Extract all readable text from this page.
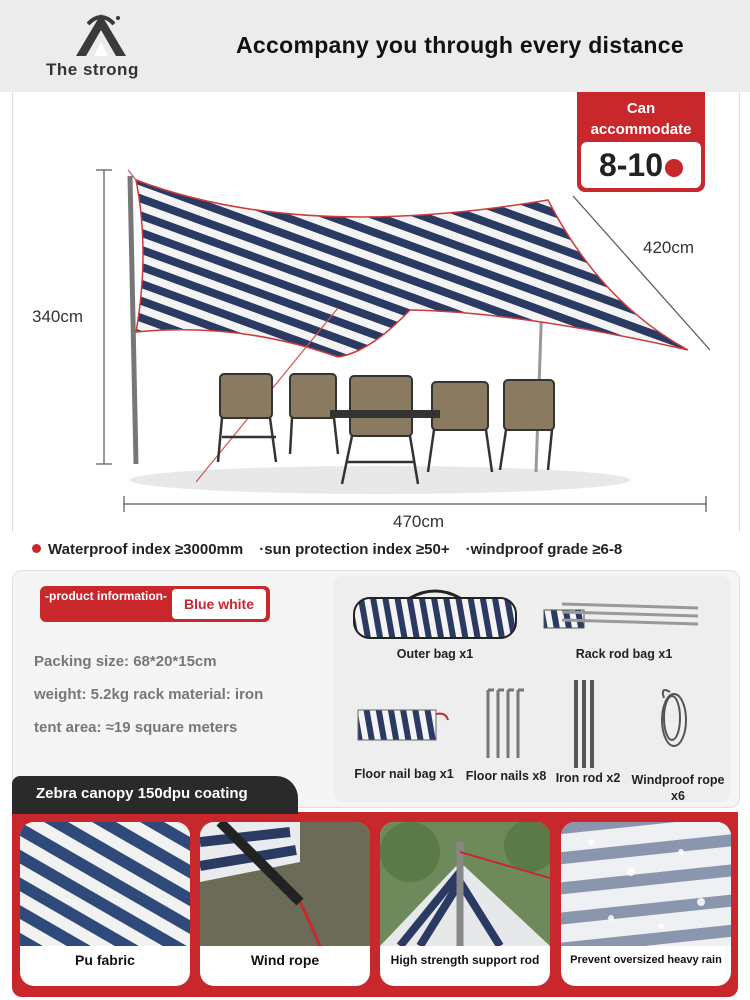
The strong
Accompany you through every distance
Can accommodate
8-10
340cm
420cm
470cm
Waterproof index ≥3000mm ·sun protection index ≥50+ ·windproof grade ≥6-8
-product information-	Blue white
Packing size: 68*20*15cm
weight: 5.2kg rack material: iron
tent area: ≈19 square meters
Outer bag x1	Rack rod bag x1
Floor nail bag x1 Floor nails x8 Iron rod x2 Windproof rope x6
Zebra canopy 150dpu coating
Pu fabric	Wind rope	High strength support rod	Prevent oversized heavy rain
